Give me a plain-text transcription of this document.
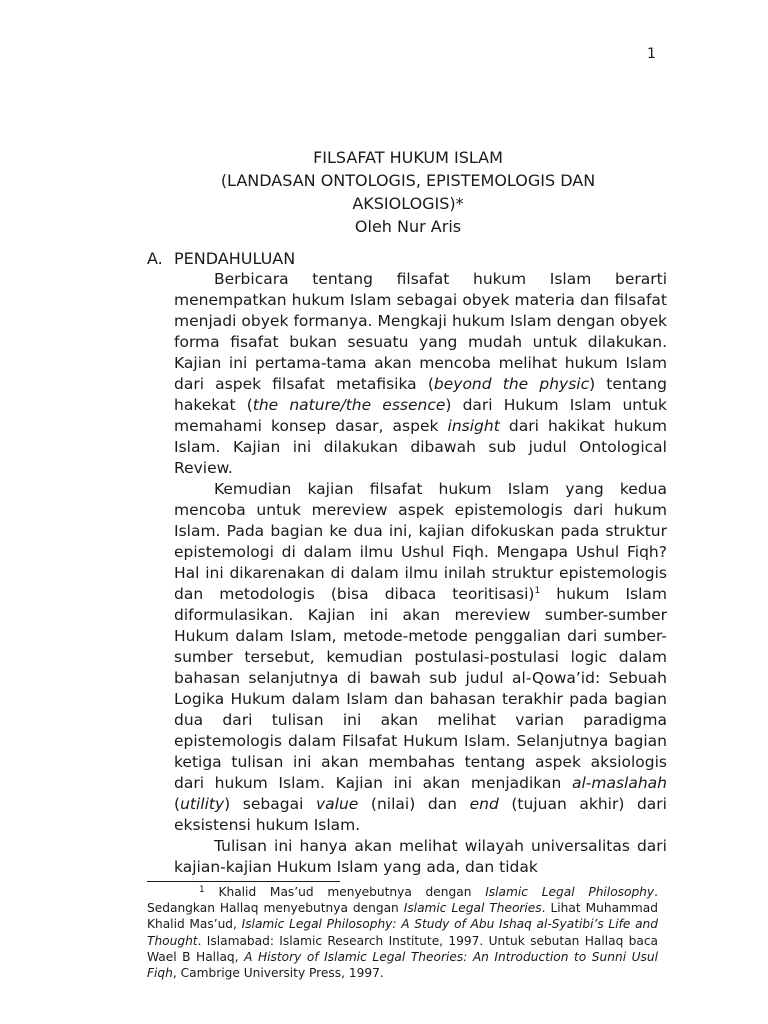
1
FILSAFAT HUKUM ISLAM
(LANDASAN ONTOLOGIS, EPISTEMOLOGIS DAN
AKSIOLOGIS)*
Oleh Nur Aris
A. PENDAHULUAN

Berbicara tentang filsafat hukum Islam berarti menempatkan hukum Islam sebagai obyek materia dan filsafat menjadi obyek formanya. Mengkaji hukum Islam dengan obyek forma fisafat bukan sesuatu yang mudah untuk dilakukan. Kajian ini pertama-tama akan mencoba melihat hukum Islam dari aspek filsafat metafisika (beyond the physic) tentang hakekat (the nature/the essence) dari Hukum Islam untuk memahami konsep dasar, aspek insight dari hakikat hukum Islam. Kajian ini dilakukan dibawah sub judul Ontological Review.

Kemudian kajian filsafat hukum Islam yang kedua mencoba untuk mereview aspek epistemologis dari hukum Islam. Pada bagian ke dua ini, kajian difokuskan pada struktur epistemologi di dalam ilmu Ushul Fiqh. Mengapa Ushul Fiqh? Hal ini dikarenakan di dalam ilmu inilah struktur epistemologis dan metodologis (bisa dibaca teoritisasi)$^1$ hukum Islam diformulasikan. Kajian ini akan mereview sumber-sumber Hukum dalam Islam, metode-metode penggalian dari sumber-sumber tersebut, kemudian postulasi-postulasi logic dalam bahasan selanjutnya di bawah sub judul al-Qowa’id: Sebuah Logika Hukum dalam Islam dan bahasan terakhir pada bagian dua dari tulisan ini akan melihat varian paradigma epistemologis dalam Filsafat Hukum Islam. Selanjutnya bagian ketiga tulisan ini akan membahas tentang aspek aksiologis dari hukum Islam. Kajian ini akan menjadikan al-maslahah (utility) sebagai value (nilai) dan end (tujuan akhir) dari eksistensi hukum Islam.

Tulisan ini hanya akan melihat wilayah universalitas dari kajian-kajian Hukum Islam yang ada, dan tidak

$^1$ Khalid Mas’ud menyebutnya dengan Islamic Legal Philosophy. Sedangkan Hallaq menyebutnya dengan Islamic Legal Theories. Lihat Muhammad Khalid Mas’ud, Islamic Legal Philosophy: A Study of Abu Ishaq al-Syatibi’s Life and Thought. Islamabad: Islamic Research Institute, 1997. Untuk sebutan Hallaq baca Wael B Hallaq, A History of Islamic Legal Theories: An Introduction to Sunni Usul Fiqh, Cambrige University Press, 1997.
